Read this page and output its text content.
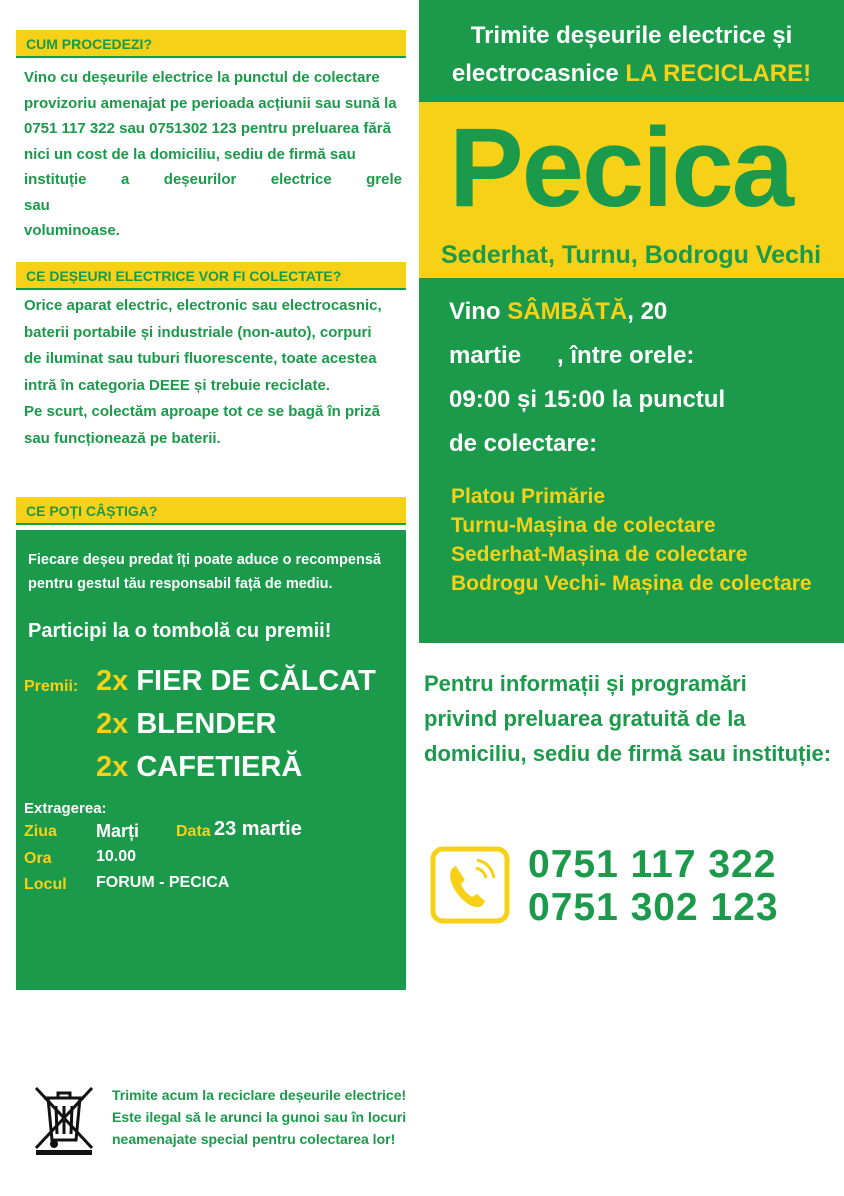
CUM PROCEDEZI?
Vino cu deșeurile electrice la punctul de colectare
provizoriu amenajat pe perioada acțiunii sau sună la
0751 117 322 sau 0751302 123 pentru preluarea fără
nici un cost de la domiciliu, sediu de firmă sau
instituție a deșeurilor electrice grele sau
voluminoase.
CE DEȘEURI ELECTRICE VOR FI COLECTATE?
Orice aparat electric, electronic sau electrocasnic,
baterii portabile și industriale (non-auto), corpuri
de iluminat sau tuburi fluorescente, toate acestea
intră în categoria DEEE și trebuie reciclate.
Pe scurt, colectăm aproape tot ce se bagă în priză
sau funcționează pe baterii.
CE POȚI CÂȘTIGA?
Fiecare deșeu predat îți poate aduce o recompensă
pentru gestul tău responsabil față de mediu.
Participi la o tombolă cu premii!
Premii: 2x FIER DE CĂLCAT
2x BLENDER
2x CAFETIERĂ
Extragerea:
Ziua Marți Data 23 martie
Ora	10.00
Locul FORUM - PECICA
Trimite deșeurile electrice și
electrocasnice LA RECICLARE!
Pecica
Sederhat, Turnu, Bodrogu Vechi
Vino SÂMBĂTĂ, 20
martie , între orele:
09:00 și 15:00 la punctul
de colectare:
Platou Primărie
Turnu-Mașina de colectare
Sederhat-Mașina de colectare
Bodrogu Vechi- Mașina de colectare
Pentru informații și programări
privind preluarea gratuită de la
domiciliu, sediu de firmă sau instituție:
0751 117 322
0751 302 123
Trimite acum la reciclare deșeurile electrice!
Este ilegal să le arunci la gunoi sau în locuri
neamenajate special pentru colectarea lor!
